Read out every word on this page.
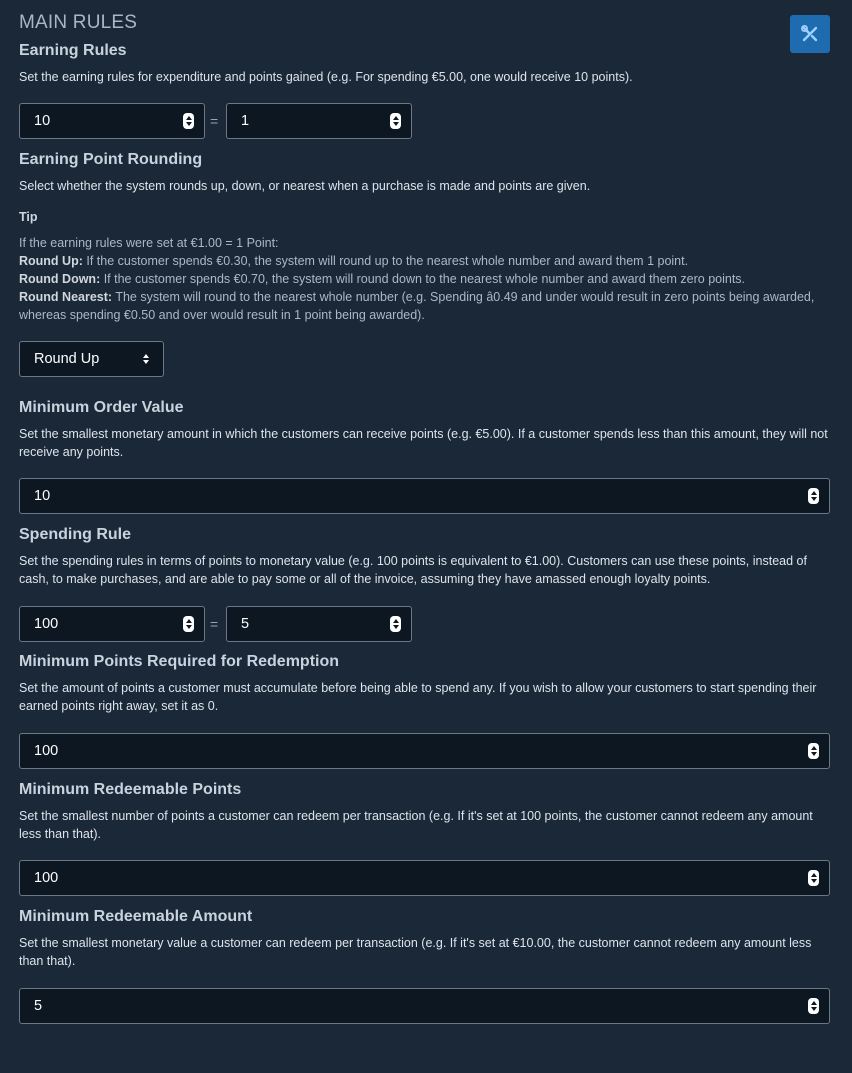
MAIN RULES
Earning Rules

Set the earning rules for expenditure and points gained (e.g. For spending €5.00, one would receive 10 points).

10	= 1
Earning Point Rounding

Select whether the system rounds up, down, or nearest when a purchase is made and points are given.

Tip
If the earning rules were set at €1.00 = 1 Point:
Round Up: If the customer spends €0.30, the system will round up to the nearest whole number and award them 1 point.
Round Down: If the customer spends €0.70, the system will round down to the nearest whole number and award them zero points.
Round Nearest: The system will round to the nearest whole number (e.g. Spending â0.49 and under would result in zero points being awarded, whereas spending €0.50 and over would result in 1 point being awarded).
Round Up
Minimum Order Value

Set the smallest monetary amount in which the customers can receive points (e.g. €5.00). If a customer spends less than this amount, they will not receive any points.

10
Spending Rule

Set the spending rules in terms of points to monetary value (e.g. 100 points is equivalent to €1.00). Customers can use these points, instead of cash, to make purchases, and are able to pay some or all of the invoice, assuming they have amassed enough loyalty points.

100	= 5
Minimum Points Required for Redemption

Set the amount of points a customer must accumulate before being able to spend any. If you wish to allow your customers to start spending their earned points right away, set it as 0.

100
Minimum Redeemable Points

Set the smallest number of points a customer can redeem per transaction (e.g. If it's set at 100 points, the customer cannot redeem any amount less than that).

100
Minimum Redeemable Amount

Set the smallest monetary value a customer can redeem per transaction (e.g. If it's set at €10.00, the customer cannot redeem any amount less than that).

5
